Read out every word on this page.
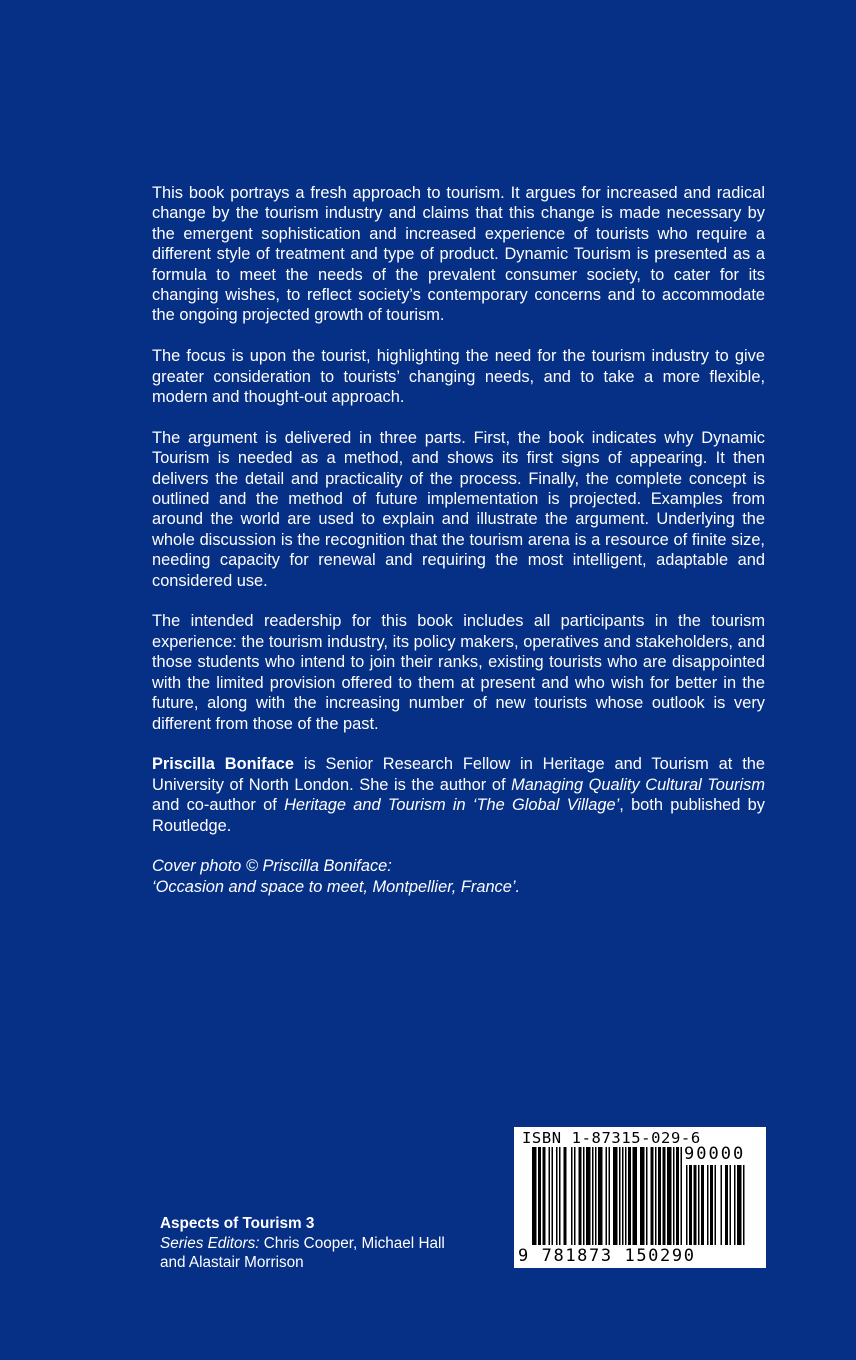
This book portrays a fresh approach to tourism. It argues for increased and radical change by the tourism industry and claims that this change is made necessary by the emergent sophistication and increased experience of tourists who require a different style of treatment and type of product. Dynamic Tourism is presented as a formula to meet the needs of the prevalent consumer society, to cater for its changing wishes, to reflect society’s contemporary concerns and to accommodate the ongoing projected growth of tourism.

The focus is upon the tourist, highlighting the need for the tourism industry to give greater consideration to tourists’ changing needs, and to take a more flexible, modern and thought-out approach.

The argument is delivered in three parts. First, the book indicates why Dynamic Tourism is needed as a method, and shows its first signs of appearing. It then delivers the detail and practicality of the process. Finally, the complete concept is outlined and the method of future implementation is projected. Examples from around the world are used to explain and illustrate the argument. Underlying the whole discussion is the recognition that the tourism arena is a resource of finite size, needing capacity for renewal and requiring the most intelligent, adaptable and considered use.

The intended readership for this book includes all participants in the tourism experience: the tourism industry, its policy makers, operatives and stakeholders, and those students who intend to join their ranks, existing tourists who are disappointed with the limited provision offered to them at present and who wish for better in the future, along with the increasing number of new tourists whose outlook is very different from those of the past.

Priscilla Boniface is Senior Research Fellow in Heritage and Tourism at the University of North London. She is the author of Managing Quality Cultural Tourism and co-author of Heritage and Tourism in ‘The Global Village’, both published by Routledge.

Cover photo © Priscilla Boniface:
‘Occasion and space to meet, Montpellier, France’.

Aspects of Tourism 3
Series Editors: Chris Cooper, Michael Hall
and Alastair Morrison
ISBN 1-87315-029-6
90000
9 781873 150290
